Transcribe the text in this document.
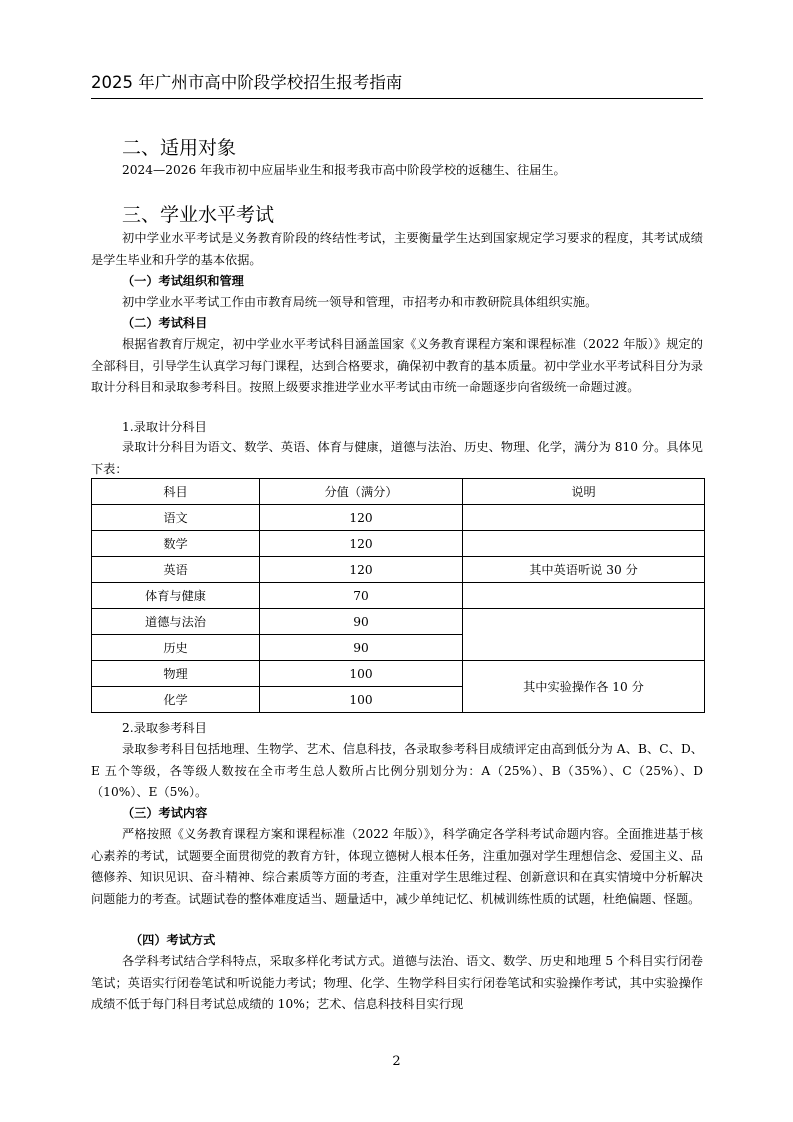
2025 年广州市高中阶段学校招生报考指南
二、适用对象

2024—2026 年我市初中应届毕业生和报考我市高中阶段学校的返穗生、往届生。

三、学业水平考试

初中学业水平考试是义务教育阶段的终结性考试，主要衡量学生达到国家规定学习要求的程度，其考试成绩是学生毕业和升学的基本依据。

（一）考试组织和管理

初中学业水平考试工作由市教育局统一领导和管理，市招考办和市教研院具体组织实施。

（二）考试科目

根据省教育厅规定，初中学业水平考试科目涵盖国家《义务教育课程方案和课程标准（2022 年版）》规定的全部科目，引导学生认真学习每门课程，达到合格要求，确保初中教育的基本质量。初中学业水平考试科目分为录取计分科目和录取参考科目。按照上级要求推进学业水平考试由市统一命题逐步向省级统一命题过渡。

1.录取计分科目

录取计分科目为语文、数学、英语、体育与健康，道德与法治、历史、物理、化学，满分为 810 分。具体见下表：

科目	分值（满分）	说明
语文	120	
数学	120	
英语	120	其中英语听说 30 分
体育与健康	70	
道德与法治	90	
历史	90	
物理	100	其中实验操作各 10 分
化学	100	

2.录取参考科目

录取参考科目包括地理、生物学、艺术、信息科技，各录取参考科目成绩评定由高到低分为 A、B、C、D、E 五个等级，各等级人数按在全市考生总人数所占比例分别划分为：A（25%）、B（35%）、C（25%）、D（10%）、E（5%）。

（三）考试内容

严格按照《义务教育课程方案和课程标准（2022 年版）》，科学确定各学科考试命题内容。全面推进基于核心素养的考试，试题要全面贯彻党的教育方针，体现立德树人根本任务，注重加强对学生理想信念、爱国主义、品德修养、知识见识、奋斗精神、综合素质等方面的考查，注重对学生思维过程、创新意识和在真实情境中分析解决问题能力的考查。试题试卷的整体难度适当、题量适中，减少单纯记忆、机械训练性质的试题，杜绝偏题、怪题。

（四）考试方式

各学科考试结合学科特点，采取多样化考试方式。道德与法治、语文、数学、历史和地理 5 个科目实行闭卷笔试；英语实行闭卷笔试和听说能力考试；物理、化学、生物学科目实行闭卷笔试和实验操作考试，其中实验操作成绩不低于每门科目考试总成绩的 10%；艺术、信息科技科目实行现

2
